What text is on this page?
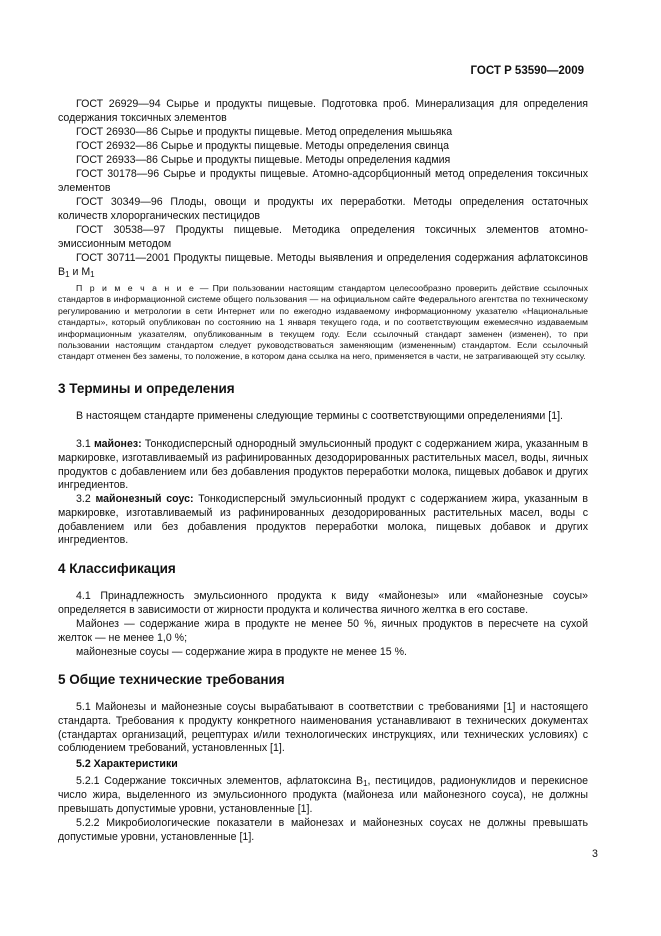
ГОСТ Р 53590—2009

ГОСТ 26929—94 Сырье и продукты пищевые. Подготовка проб. Минерализация для определения содержания токсичных элементов

ГОСТ 26930—86 Сырье и продукты пищевые. Метод определения мышьяка

ГОСТ 26932—86 Сырье и продукты пищевые. Методы определения свинца

ГОСТ 26933—86 Сырье и продукты пищевые. Методы определения кадмия

ГОСТ 30178—96 Сырье и продукты пищевые. Атомно-адсорбционный метод определения токсичных элементов

ГОСТ 30349—96 Плоды, овощи и продукты их переработки. Методы определения остаточных количеств хлорорганических пестицидов

ГОСТ 30538—97 Продукты пищевые. Методика определения токсичных элементов атомно-эмиссионным методом

ГОСТ 30711—2001 Продукты пищевые. Методы выявления и определения содержания афлатоксинов $B_1$ и $M_1$

П р и м е ч а н и е — При пользовании настоящим стандартом целесообразно проверить действие ссылочных стандартов в информационной системе общего пользования — на официальном сайте Федерального агентства по техническому регулированию и метрологии в сети Интернет или по ежегодно издаваемому информационному указателю «Национальные стандарты», который опубликован по состоянию на 1 января текущего года, и по соответствующим ежемесячно издаваемым информационным указателям, опубликованным в текущем году. Если ссылочный стандарт заменен (изменен), то при пользовании настоящим стандартом следует руководствоваться заменяющим (измененным) стандартом. Если ссылочный стандарт отменен без замены, то положение, в котором дана ссылка на него, применяется в части, не затрагивающей эту ссылку.

3 Термины и определения

В настоящем стандарте применены следующие термины с соответствующими определениями [1].

3.1 майонез: Тонкодисперсный однородный эмульсионный продукт с содержанием жира, указанным в маркировке, изготавливаемый из рафинированных дезодорированных растительных масел, воды, яичных продуктов с добавлением или без добавления продуктов переработки молока, пищевых добавок и других ингредиентов.

3.2 майонезный соус: Тонкодисперсный эмульсионный продукт с содержанием жира, указанным в маркировке, изготавливаемый из рафинированных дезодорированных растительных масел, воды с добавлением или без добавления продуктов переработки молока, пищевых добавок и других ингредиентов.

4 Классификация

4.1 Принадлежность эмульсионного продукта к виду «майонезы» или «майонезные соусы» определяется в зависимости от жирности продукта и количества яичного желтка в его составе.

Майонез — содержание жира в продукте не менее 50 %, яичных продуктов в пересчете на сухой желток — не менее 1,0 %;

майонезные соусы — содержание жира в продукте не менее 15 %.

5 Общие технические требования

5.1 Майонезы и майонезные соусы вырабатывают в соответствии с требованиями [1] и настоящего стандарта. Требования к продукту конкретного наименования устанавливают в технических документах (стандартах организаций, рецептурах и/или технологических инструкциях, или технических условиях) с соблюдением требований, установленных [1].

5.2 Характеристики

5.2.1 Содержание токсичных элементов, афлатоксина $B_1$, пестицидов, радионуклидов и перекисное число жира, выделенного из эмульсионного продукта (майонеза или майонезного соуса), не должны превышать допустимые уровни, установленные [1].

5.2.2 Микробиологические показатели в майонезах и майонезных соусах не должны превышать допустимые уровни, установленные [1].

3
